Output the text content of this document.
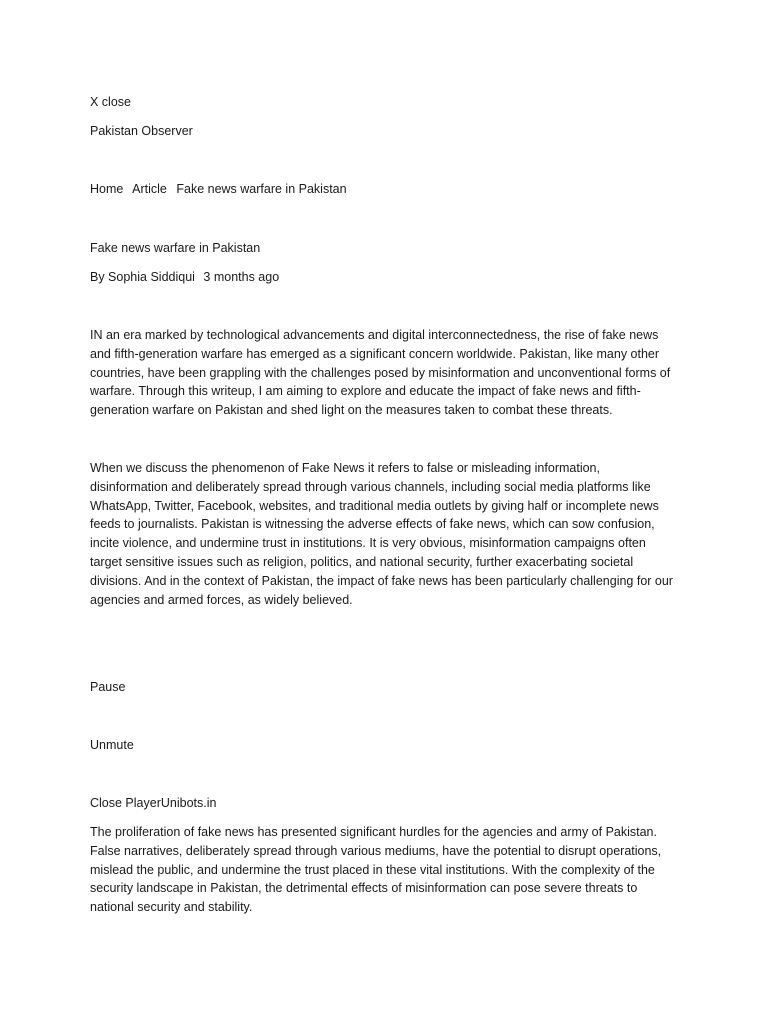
X close
Pakistan Observer
Home Article Fake news warfare in Pakistan
Fake news warfare in Pakistan
By Sophia Siddiqui 3 months ago

IN an era marked by technological advancements and digital interconnectedness, the rise of fake news and fifth-generation warfare has emerged as a significant concern worldwide. Pakistan, like many other countries, have been grappling with the challenges posed by misinformation and unconventional forms of warfare. Through this writeup, I am aiming to explore and educate the impact of fake news and fifth-generation warfare on Pakistan and shed light on the measures taken to combat these threats.

When we discuss the phenomenon of Fake News it refers to false or misleading information, disinformation and deliberately spread through various channels, including social media platforms like WhatsApp, Twitter, Facebook, websites, and traditional media outlets by giving half or incomplete news feeds to journalists. Pakistan is witnessing the adverse effects of fake news, which can sow confusion, incite violence, and undermine trust in institutions. It is very obvious, misinformation campaigns often target sensitive issues such as religion, politics, and national security, further exacerbating societal divisions. And in the context of Pakistan, the impact of fake news has been particularly challenging for our agencies and armed forces, as widely believed.

Pause
Unmute
Close PlayerUnibots.in

The proliferation of fake news has presented significant hurdles for the agencies and army of Pakistan. False narratives, deliberately spread through various mediums, have the potential to disrupt operations, mislead the public, and undermine the trust placed in these vital institutions. With the complexity of the security landscape in Pakistan, the detrimental effects of misinformation can pose severe threats to national security and stability.
